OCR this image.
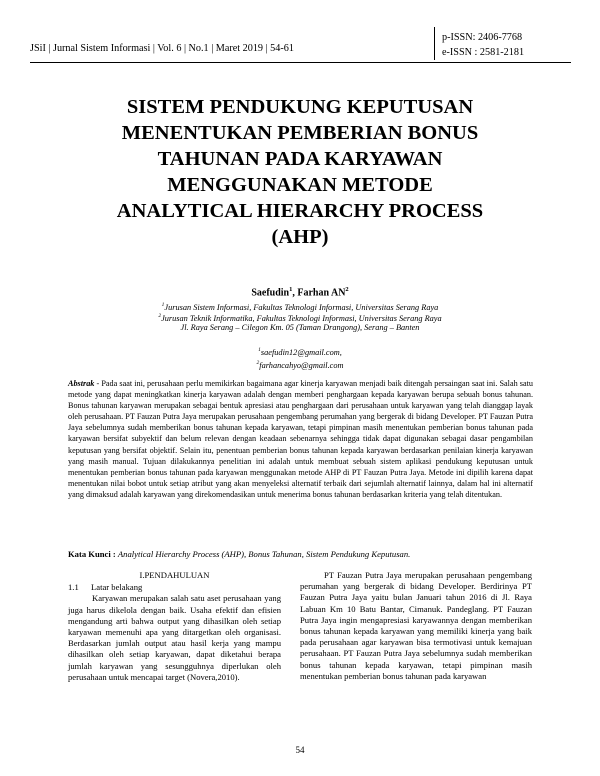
JSiI | Jurnal Sistem Informasi | Vol. 6 | No.1 | Maret 2019 | 54-61
p-ISSN: 2406-7768
e-ISSN : 2581-2181
SISTEM PENDUKUNG KEPUTUSAN
MENENTUKAN PEMBERIAN BONUS
TAHUNAN PADA KARYAWAN
MENGGUNAKAN METODE
ANALYTICAL HIERARCHY PROCESS
(AHP)
Saefudin$^1$, Farhan $AN^2$
$^1$Jurusan Sistem Informasi, Fakultas Teknologi Informasi, Universitas Serang Raya
$^2$Jurusan Teknik Informatika, Fakultas Teknologi Informasi, Universitas Serang Raya
Jl. Raya Serang – Cilegon Km. 05 (Taman Drangong), Serang – Banten
$^1$saefudin12@gmail.com,
$^2$farhancahyo@gmail.com

Abstrak - Pada saat ini, perusahaan perlu memikirkan bagaimana agar kinerja karyawan menjadi baik ditengah persaingan saat ini. Salah satu metode yang dapat meningkatkan kinerja karyawan adalah dengan memberi penghargaan kepada karyawan berupa sebuah bonus tahunan. Bonus tahunan karyawan merupakan sebagai bentuk apresiasi atau penghargaan dari perusahaan untuk karyawan yang telah dianggap layak oleh perusahaan. PT Fauzan Putra Jaya merupakan perusahaan pengembang perumahan yang bergerak di bidang Developer. PT Fauzan Putra Jaya sebelumnya sudah memberikan bonus tahunan kepada karyawan, tetapi pimpinan masih menentukan pemberian bonus tahunan pada karyawan bersifat subyektif dan belum relevan dengan keadaan sebenarnya sehingga tidak dapat digunakan sebagai dasar pengambilan keputusan yang bersifat objektif. Selain itu, penentuan pemberian bonus tahunan kepada karyawan berdasarkan penilaian kinerja karyawan yang masih manual. Tujuan dilakukannya penelitian ini adalah untuk membuat sebuah sistem aplikasi pendukung keputusan untuk menentukan pemberian bonus tahunan pada karyawan menggunakan metode AHP di PT Fauzan Putra Jaya. Metode ini dipilih karena dapat menentukan nilai bobot untuk setiap atribut yang akan menyeleksi alternatif terbaik dari sejumlah alternatif lainnya, dalam hal ini alternatif yang dimaksud adalah karyawan yang direkomendasikan untuk menerima bonus tahunan berdasarkan kriteria yang telah ditentukan.

Kata Kunci : Analytical Hierarchy Process (AHP), Bonus Tahunan, Sistem Pendukung Keputusan.
I.PENDAHULUAN
1.1 Latar belakang

Karyawan merupakan salah satu aset perusahaan yang juga harus dikelola dengan baik. Usaha efektif dan efisien mengandung arti bahwa output yang dihasilkan oleh setiap karyawan memenuhi apa yang ditargetkan oleh organisasi. Berdasarkan jumlah output atau hasil kerja yang mampu dihasilkan oleh setiap karyawan, dapat diketahui berapa jumlah karyawan yang sesungguhnya diperlukan oleh perusahaan untuk mencapai target (Novera,2010).

PT Fauzan Putra Jaya merupakan perusahaan pengembang perumahan yang bergerak di bidang Developer. Berdirinya PT Fauzan Putra Jaya yaitu bulan Januari tahun 2016 di Jl. Raya Labuan Km 10 Batu Bantar, Cimanuk. Pandeglang. PT Fauzan Putra Jaya ingin mengapresiasi karyawannya dengan memberikan bonus tahunan kepada karyawan yang memiliki kinerja yang baik pada perusahaan agar karyawan bisa termotivasi untuk kemajuan perusahaan. PT Fauzan Putra Jaya sebelumnya sudah memberikan bonus tahunan kepada karyawan, tetapi pimpinan masih menentukan pemberian bonus tahunan pada karyawan

54
